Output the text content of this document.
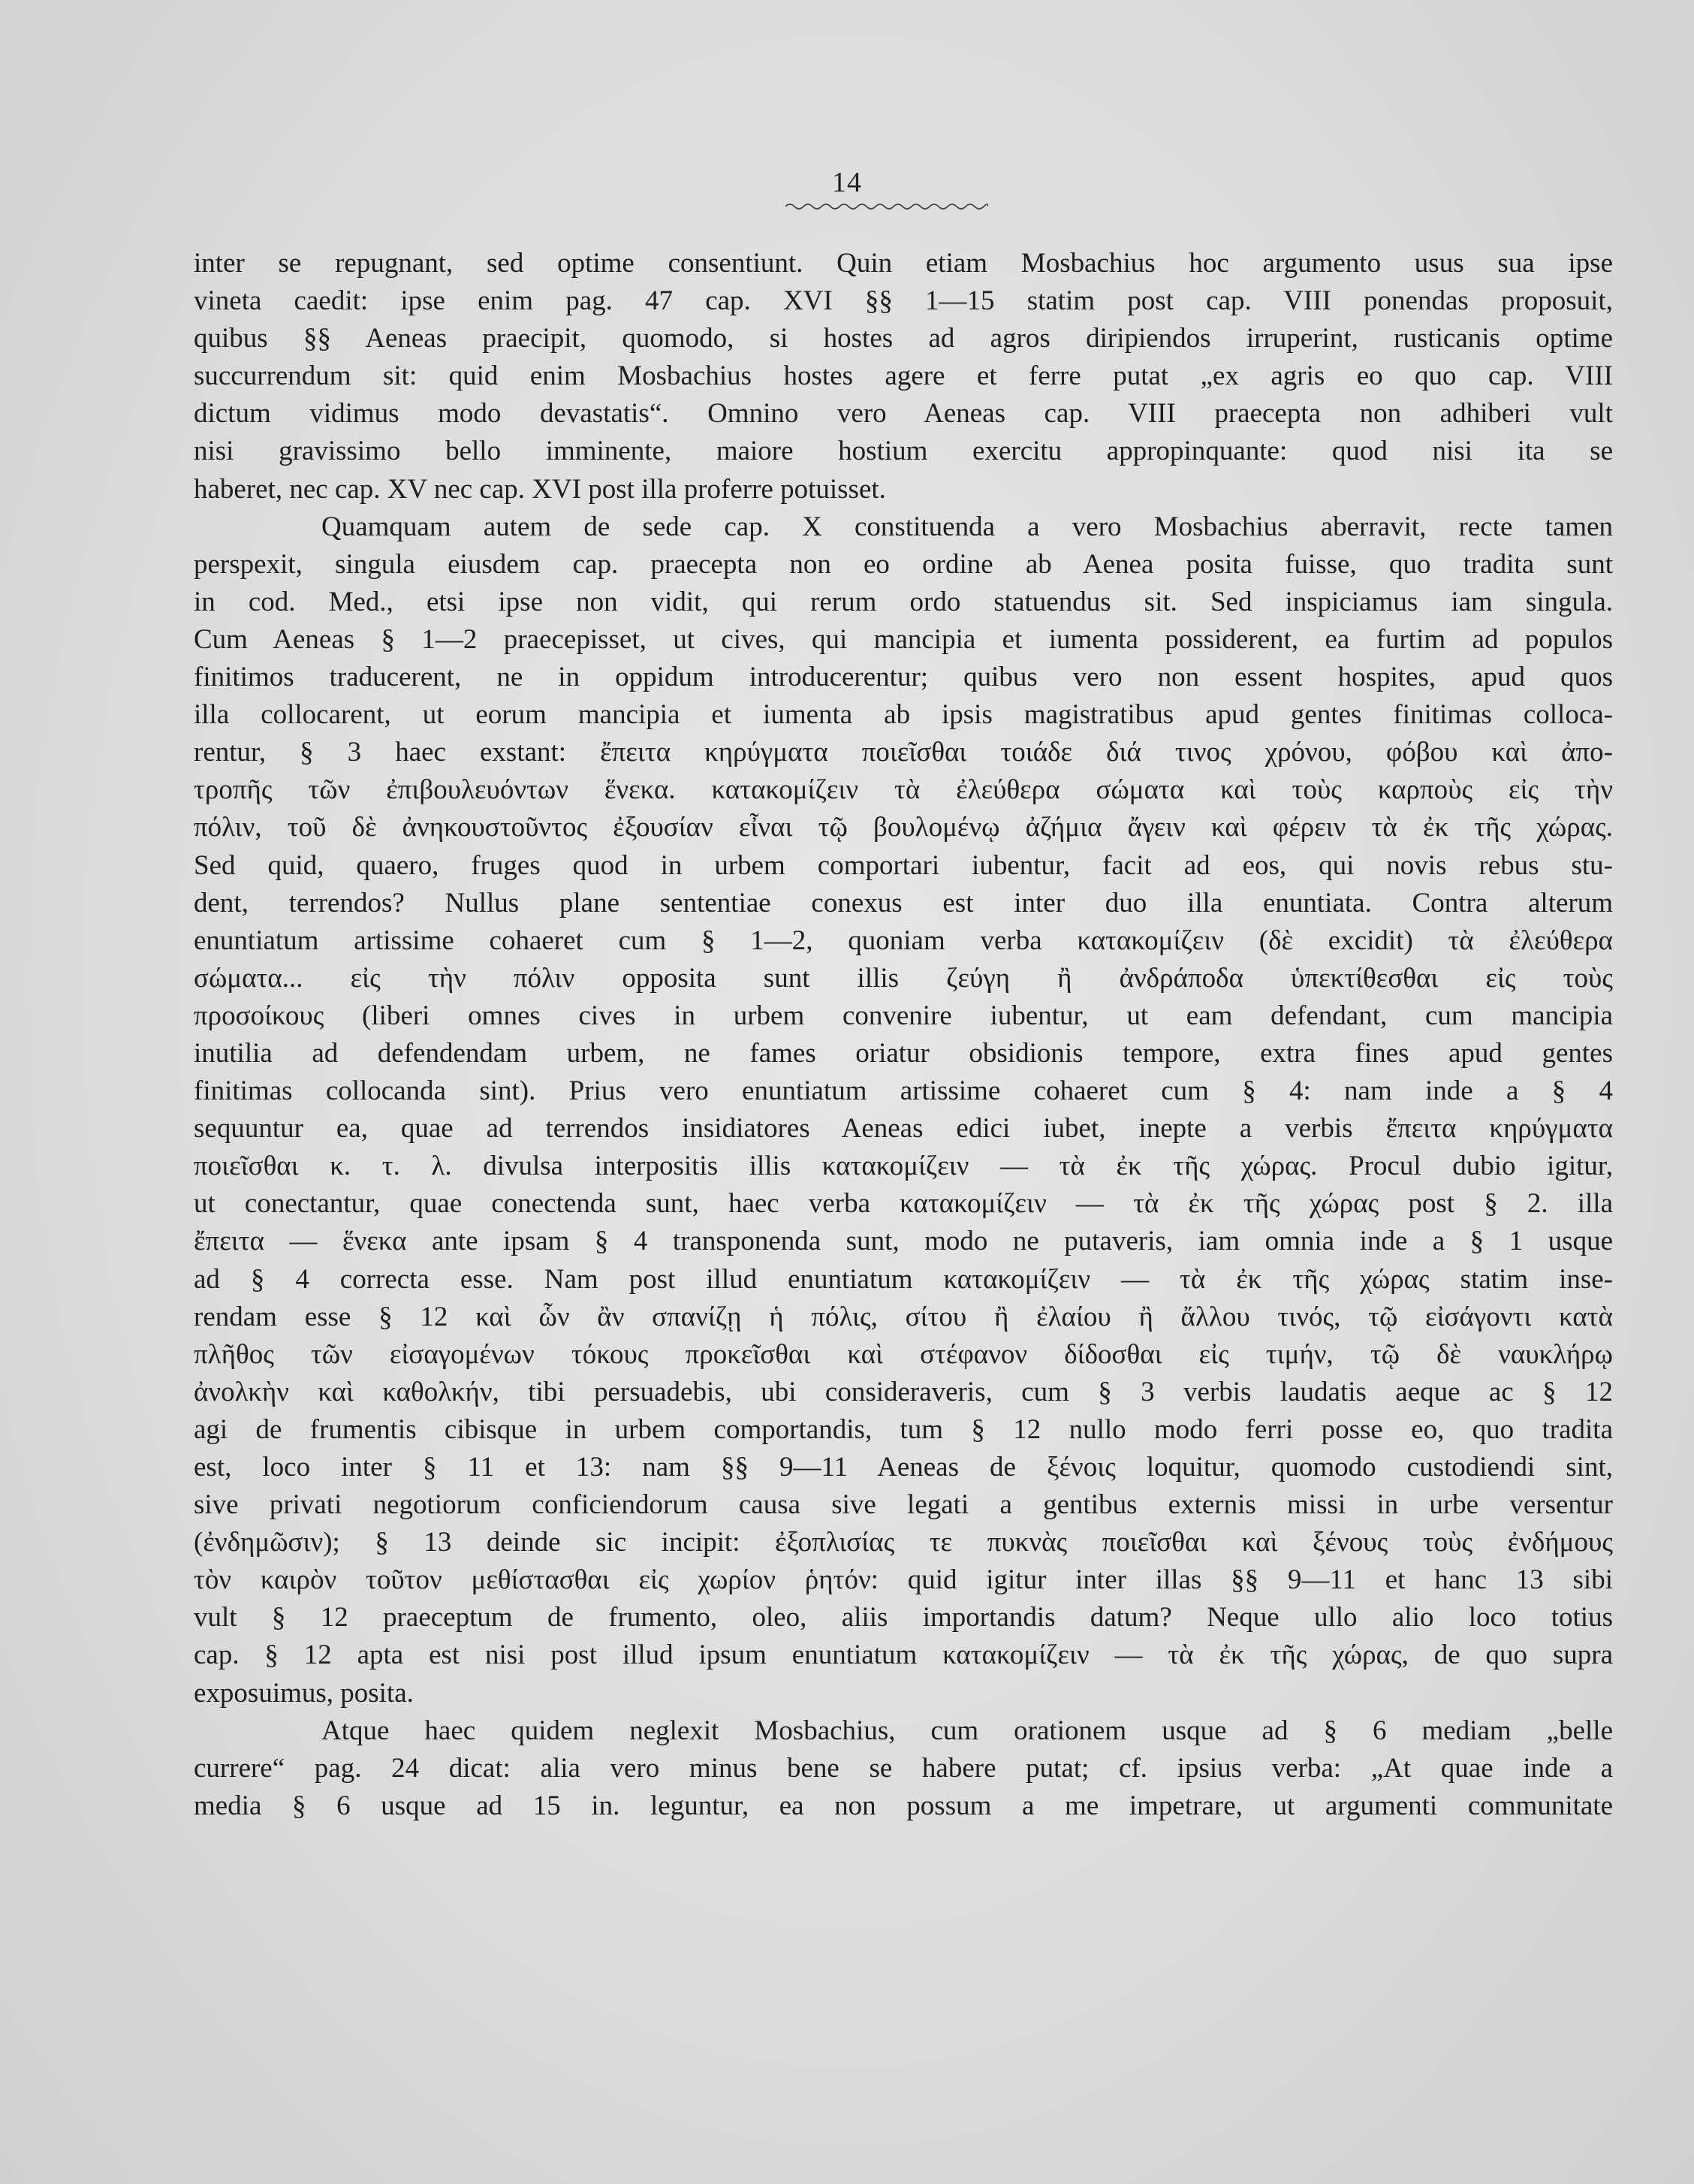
14
inter se repugnant, sed optime consentiunt. Quin etiam Mosbachius hoc argumento usus sua ipse
vineta caedit: ipse enim pag. 47 cap. XVI §§ 1—15 statim post cap. VIII ponendas proposuit,
quibus §§ Aeneas praecipit, quomodo, si hostes ad agros diripiendos irruperint, rusticanis optime
succurrendum sit: quid enim Mosbachius hostes agere et ferre putat „ex agris eo quo cap. VIII
dictum vidimus modo devastatis“. Omnino vero Aeneas cap. VIII praecepta non adhiberi vult
nisi gravissimo bello imminente, maiore hostium exercitu appropinquante: quod nisi ita se
haberet, nec cap. XV nec cap. XVI post illa proferre potuisset.
Quamquam autem de sede cap. X constituenda a vero Mosbachius aberravit, recte tamen
perspexit, singula eiusdem cap. praecepta non eo ordine ab Aenea posita fuisse, quo tradita sunt
in cod. Med., etsi ipse non vidit, qui rerum ordo statuendus sit. Sed inspiciamus iam singula.
Cum Aeneas § 1—2 praecepisset, ut cives, qui mancipia et iumenta possiderent, ea furtim ad populos
finitimos traducerent, ne in oppidum introducerentur; quibus vero non essent hospites, apud quos
illa collocarent, ut eorum mancipia et iumenta ab ipsis magistratibus apud gentes finitimas colloca-
rentur, § 3 haec exstant: ἔπειτα κηρύγματα ποιεῖσθαι τοιάδε διά τινος χρόνου, φόβου καὶ ἀπο-
τροπῆς τῶν ἐπιβουλευόντων ἕνεκα. κατακομίζειν τὰ ἐλεύθερα σώματα καὶ τοὺς καρποὺς εἰς τὴν
πόλιν, τοῦ δὲ ἀνηκουστοῦντος ἐξουσίαν εἶναι τῷ βουλομένῳ ἀζήμια ἄγειν καὶ φέρειν τὰ ἐκ τῆς χώρας.
Sed quid, quaero, fruges quod in urbem comportari iubentur, facit ad eos, qui novis rebus stu-
dent, terrendos? Nullus plane sententiae conexus est inter duo illa enuntiata. Contra alterum
enuntiatum artissime cohaeret cum § 1—2, quoniam verba κατακομίζειν (δὲ excidit) τὰ ἐλεύθερα
σώματα... εἰς τὴν πόλιν opposita sunt illis ζεύγη ἢ ἀνδράποδα ὑπεκτίθεσθαι εἰς τοὺς
προσοίκους (liberi omnes cives in urbem convenire iubentur, ut eam defendant, cum mancipia
inutilia ad defendendam urbem, ne fames oriatur obsidionis tempore, extra fines apud gentes
finitimas collocanda sint). Prius vero enuntiatum artissime cohaeret cum § 4: nam inde a § 4
sequuntur ea, quae ad terrendos insidiatores Aeneas edici iubet, inepte a verbis ἔπειτα κηρύγματα
ποιεῖσθαι κ. τ. λ. divulsa interpositis illis κατακομίζειν — τὰ ἐκ τῆς χώρας. Procul dubio igitur,
ut conectantur, quae conectenda sunt, haec verba κατακομίζειν — τὰ ἐκ τῆς χώρας post § 2. illa
ἔπειτα — ἕνεκα ante ipsam § 4 transponenda sunt, modo ne putaveris, iam omnia inde a § 1 usque
ad § 4 correcta esse. Nam post illud enuntiatum κατακομίζειν — τὰ ἐκ τῆς χώρας statim inse-
rendam esse § 12 καὶ ὧν ἂν σπανίζῃ ἡ πόλις, σίτου ἢ ἐλαίου ἢ ἄλλου τινός, τῷ εἰσάγοντι κατὰ
πλῆθος τῶν εἰσαγομένων τόκους προκεῖσθαι καὶ στέφανον δίδοσθαι εἰς τιμήν, τῷ δὲ ναυκλήρῳ
ἀνολκὴν καὶ καθολκήν, tibi persuadebis, ubi consideraveris, cum § 3 verbis laudatis aeque ac § 12
agi de frumentis cibisque in urbem comportandis, tum § 12 nullo modo ferri posse eo, quo tradita
est, loco inter § 11 et 13: nam §§ 9—11 Aeneas de ξένοις loquitur, quomodo custodiendi sint,
sive privati negotiorum conficiendorum causa sive legati a gentibus externis missi in urbe versentur
(ἐνδημῶσιν); § 13 deinde sic incipit: ἐξοπλισίας τε πυκνὰς ποιεῖσθαι καὶ ξένους τοὺς ἐνδήμους
τὸν καιρὸν τοῦτον μεθίστασθαι εἰς χωρίον ῥητόν: quid igitur inter illas §§ 9—11 et hanc 13 sibi
vult § 12 praeceptum de frumento, oleo, aliis importandis datum? Neque ullo alio loco totius
cap. § 12 apta est nisi post illud ipsum enuntiatum κατακομίζειν — τὰ ἐκ τῆς χώρας, de quo supra
exposuimus, posita.
Atque haec quidem neglexit Mosbachius, cum orationem usque ad § 6 mediam „belle
currere“ pag. 24 dicat: alia vero minus bene se habere putat; cf. ipsius verba: „At quae inde a
media § 6 usque ad 15 in. leguntur, ea non possum a me impetrare, ut argumenti communitate
